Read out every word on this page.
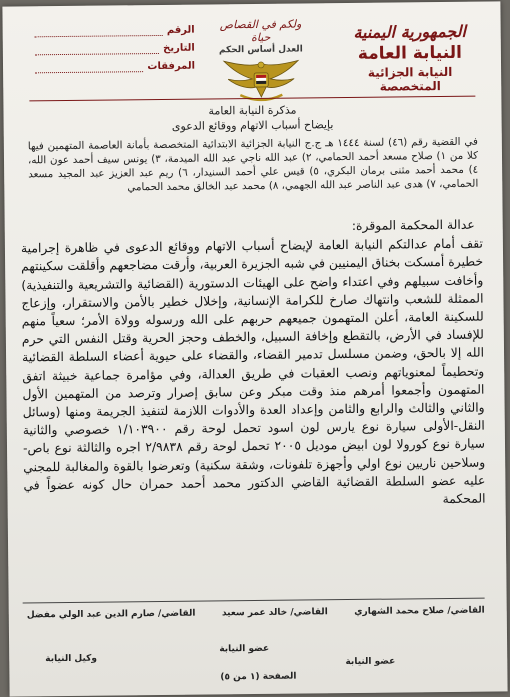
الجمهورية اليمنية
النيابة العامة
النيابة الجزائية المتخصصة
ولكم في القصاص حياة
العدل أساس الحكم
الرقم
التاريخ
المرفقات
مذكرة النيابة العامة
بإيضاح أسباب الاتهام ووقائع الدعوى
في القضية رقم (٤٦) لسنة ١٤٤٤ هـ ج.ج النيابة الجزائية الابتدائية المتخصصة بأمانة العاصمة المتهمين فيها كلا من ١) صلاح مسعد أحمد الحمامي، ٢) عبد الله ناجي عبد الله الميدمة، ٣) يونس سيف أحمد عون الله، ٤) محمد أحمد مثنى برمان البكري، ٥) قيس علي أحمد السنيدار، ٦) ريم عبد العزيز عبد المجيد مسعد الحمامي، ٧) هدى عبد الناصر عبد الله الجهمي، ٨) محمد عبد الخالق محمد الحمامي
عدالة المحكمة الموقرة:
تقف أمام عدالتكم النيابة العامة لإيضاح أسباب الاتهام ووقائع الدعوى في ظاهرة إجرامية خطيرة أمسكت بخناق اليمنيين في شبه الجزيرة العربية، وأرقت مضاجعهم وأقلقت سكينتهم وأخافت سبيلهم وفي اعتداء واضح على الهيئات الدستورية (القضائية والتشريعية والتنفيذية) الممثلة للشعب وانتهاك صارخ للكرامة الإنسانية، وإخلال خطير بالأمن والاستقرار، وإزعاج للسكينة العامة، أعلن المتهمون جميعهم حربهم على الله ورسوله وولاة الأمر؛ سعياً منهم للإفساد في الأرض، بالتقطع وإخافة السبيل، والخطف وحجز الحرية وقتل النفس التي حرم الله إلا بالحق، وضمن مسلسل تدمير القضاء، والقضاء على حيوية أعضاء السلطة القضائية وتحطيماً لمعنوياتهم ونصب العقبات في طريق العدالة، وفي مؤامرة جماعية خبيثة اتفق المتهمون وأجمعوا أمرهم منذ وقت مبكر وعن سابق إصرار وترصد من المتهمين الأول والثاني والثالث والرابع والثامن وإعداد العدة والأدوات اللازمة لتنفيذ الجريمة ومنها (وسائل النقل-الأولى سيارة نوع يارس لون اسود تحمل لوحة رقم ١/١٠٣٩٠٠ خصوصي والثانية سيارة نوع كورولا لون ابيض موديل ٢٠٠٥ تحمل لوحة رقم ٢/٩٨٣٨ اجره والثالثة نوع باص- وسلاحين ناريين نوع اولي وأجهزة تلفونات، وشقة سكنية) وتعرضوا بالقوة والمغالبة للمجني عليه عضو السلطة القضائية القاضي الدكتور محمد أحمد حمران حال كونه عضواً في المحكمة
القاضي/ صلاح محمد الشهاري
القاضي/ خالد عمر سعيد
القاضي/ صارم الدين عبد الولي مفضل
عضو النيابة
عضو النيابة
وكيل النيابة
الصفحة (١ من ٥)
